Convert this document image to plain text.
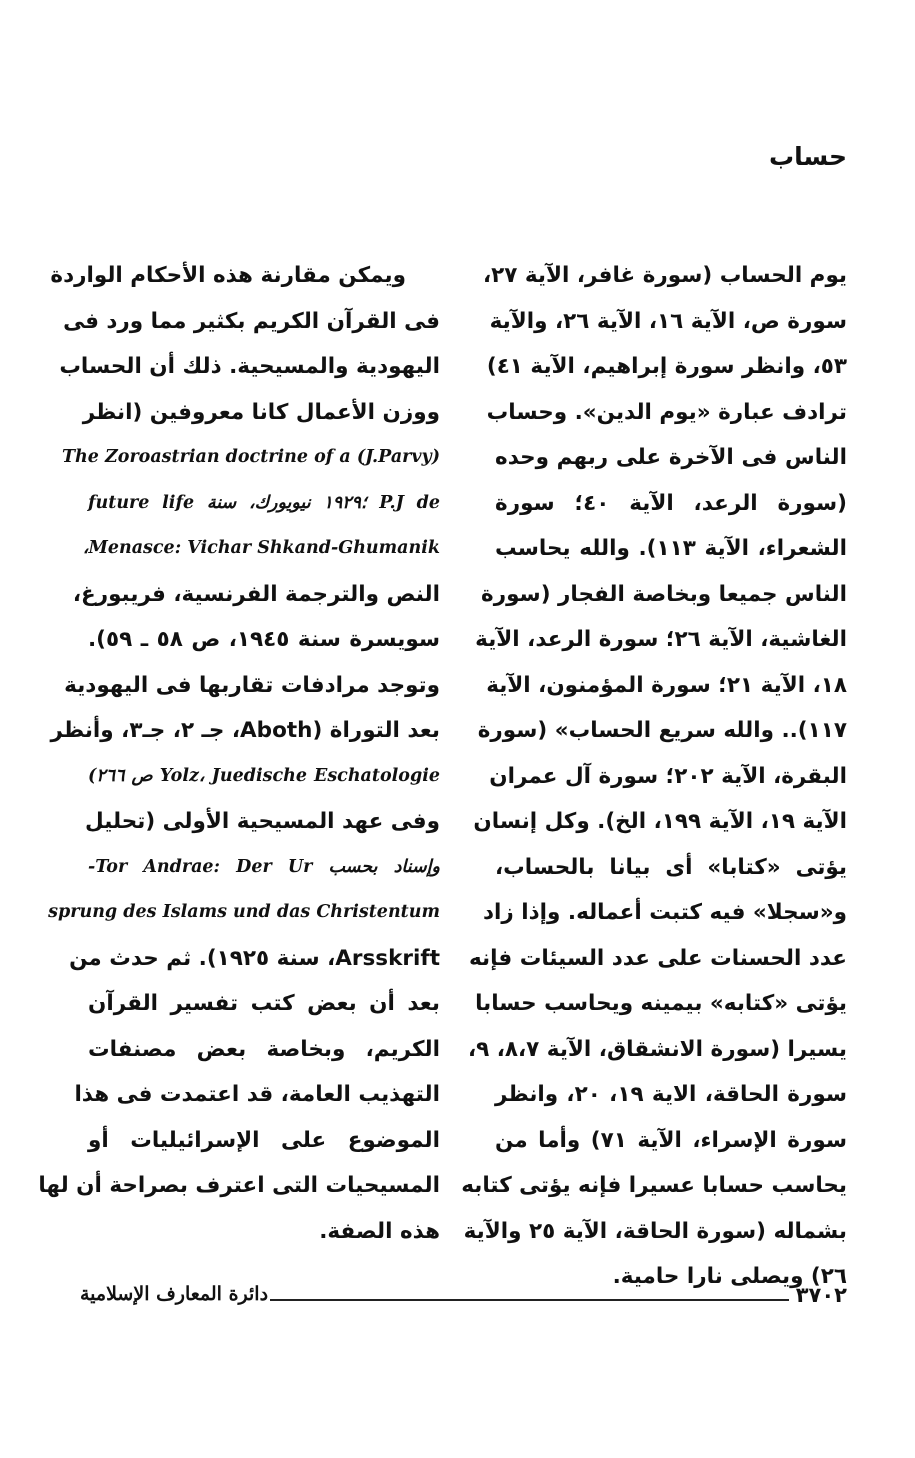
حساب
يوم الحساب (سورة غافر، الآية ٢٧،
سورة ص، الآية ١٦، الآية ٢٦، والآية
٥٣، وانظر سورة إبراهيم، الآية ٤١)
ترادف عبارة «يوم الدين». وحساب
الناس فى الآخرة على ربهم وحده
(سورة الرعد، الآية ٤٠؛ سورة
الشعراء، الآية ١١٣). والله يحاسب
الناس جميعا وبخاصة الفجار (سورة
الغاشية، الآية ٢٦؛ سورة الرعد، الآية
١٨، الآية ٢١؛ سورة المؤمنون، الآية
١١٧).. والله سريع الحساب» (سورة
البقرة، الآية ٢٠٢؛ سورة آل عمران
الآية ١٩، الآية ١٩٩، الخ). وكل إنسان
يؤتى «كتابا» أى بيانا بالحساب،
و«سجلا» فيه كتبت أعماله. وإذا زاد
عدد الحسنات على عدد السيئات فإنه
يؤتى «كتابه» بيمينه ويحاسب حسابا
يسيرا (سورة الانشقاق، الآية ٨،٧، ٩،
سورة الحاقة، الاية ١٩، ٢٠، وانظر
سورة الإسراء، الآية ٧١) وأما من
يحاسب حسابا عسيرا فإنه يؤتى كتابه
بشماله (سورة الحاقة، الآية ٢٥ والآية
٢٦) ويصلى نارا حامية.
ويمكن مقارنة هذه الأحكام الواردة
فى القرآن الكريم بكثير مما ورد فى
اليهودية والمسيحية. ذلك أن الحساب
ووزن الأعمال كانا معروفين (انظر
The Zoroastrian doctrine of a (J.Parvy)
P.J de ؛١٩٢٩ نيويورك، سنة future life
Menasce: Vichar Shkand-Ghumanik،
النص والترجمة الفرنسية، فريبورغ،
سويسرة سنة ١٩٤٥، ص ٥٨ ـ ٥٩).
وتوجد مرادفات تقاربها فى اليهودية
بعد التوراة (Aboth، جـ ٢، جـ٣، وأنظر
Yolz، Juedische Eschatologie ص ٢٦٦)
وفى عهد المسيحية الأولى (تحليل
وإسناد بحسب Tor Andrae: Der Ur-
sprung des Islams und das Christentum
Arsskrift، سنة ١٩٢٥). ثم حدث من
بعد أن بعض كتب تفسير القرآن
الكريم، وبخاصة بعض مصنفات
التهذيب العامة، قد اعتمدت فى هذا
الموضوع على الإسرائيليات أو
المسيحيات التى اعترف بصراحة أن لها
هذه الصفة.
٣٧٠٢
دائرة المعارف الإسلامية
